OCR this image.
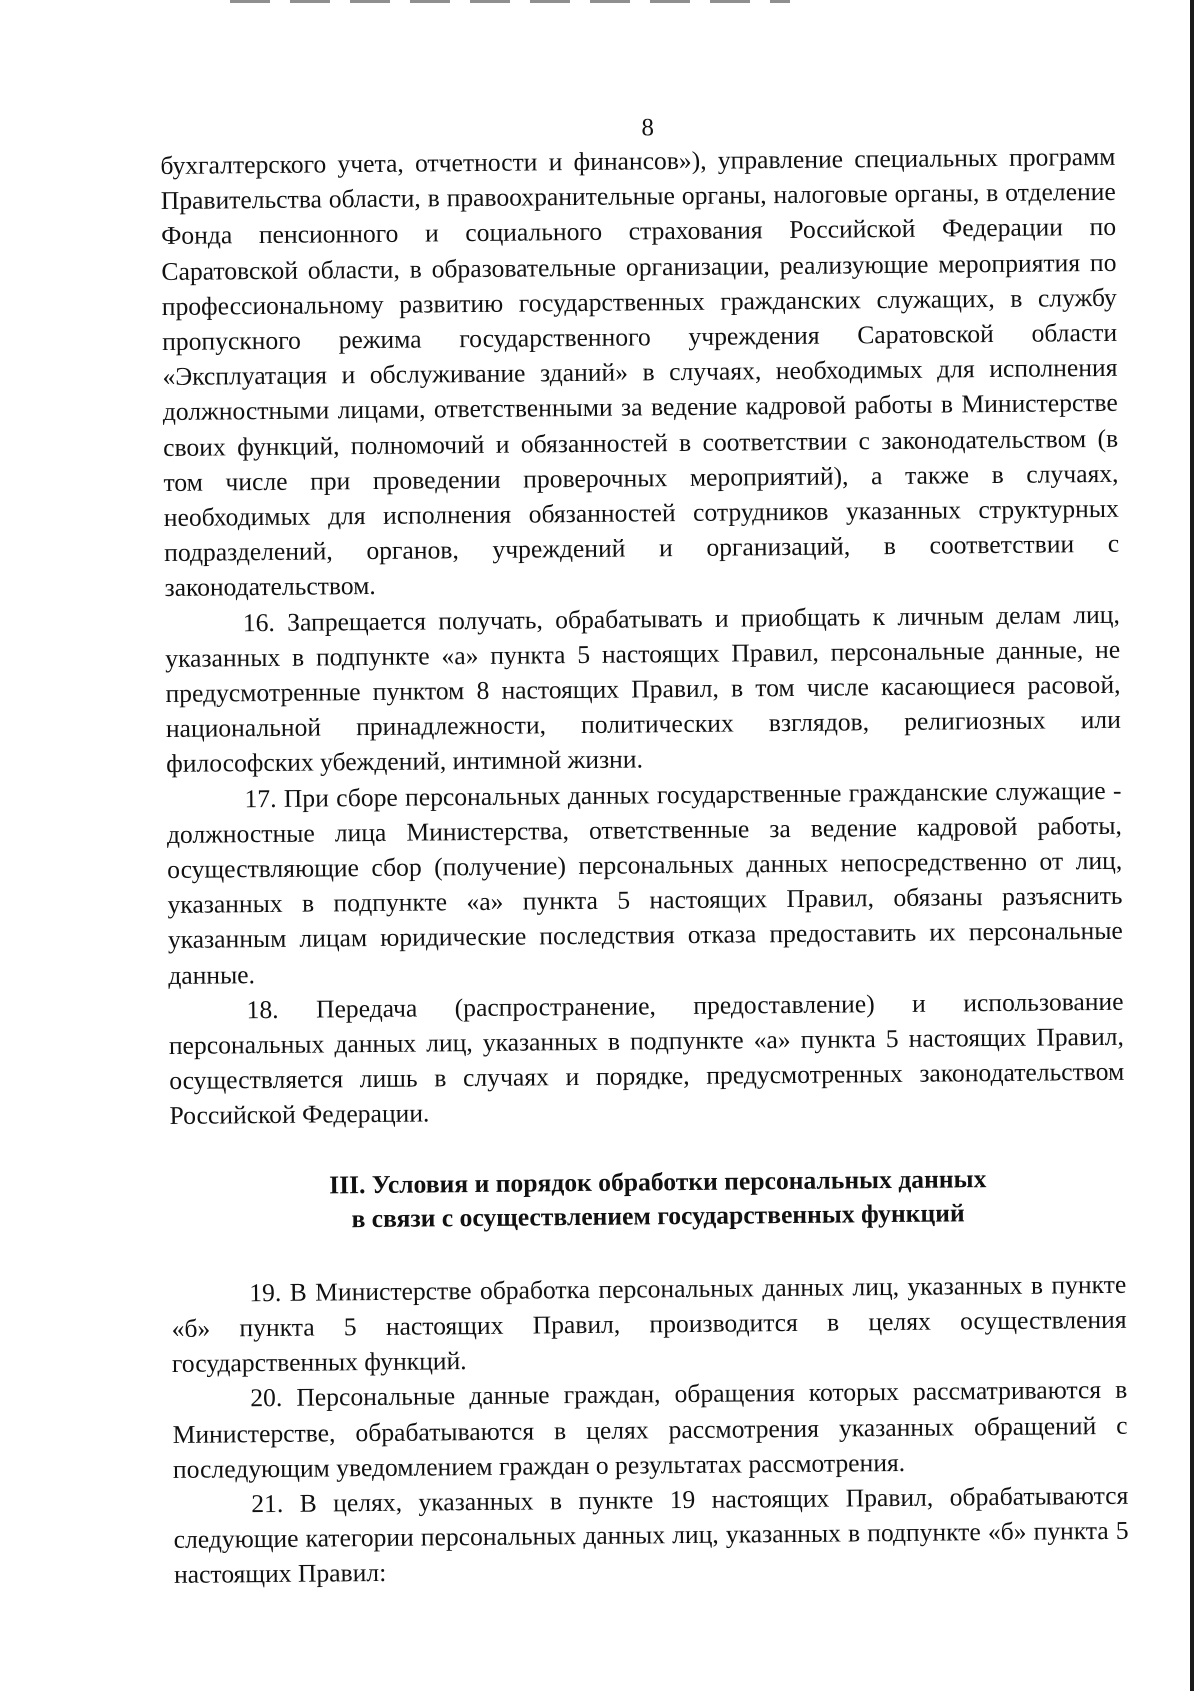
8

бухгалтерского учета, отчетности и финансов»), управление специальных программ Правительства области, в правоохранительные органы, налоговые органы, в отделение Фонда пенсионного и социального страхования Российской Федерации по Саратовской области, в образовательные организации, реализующие мероприятия по профессиональному развитию государственных гражданских служащих, в службу пропускного режима государственного учреждения Саратовской области «Эксплуатация и обслуживание зданий» в случаях, необходимых для исполнения должностными лицами, ответственными за ведение кадровой работы в Министерстве своих функций, полномочий и обязанностей в соответствии с законодательством (в том числе при проведении проверочных мероприятий), а также в случаях, необходимых для исполнения обязанностей сотрудников указанных структурных подразделений, органов, учреждений и организаций, в соответствии с законодательством.

16. Запрещается получать, обрабатывать и приобщать к личным делам лиц, указанных в подпункте «а» пункта 5 настоящих Правил, персональные данные, не предусмотренные пунктом 8 настоящих Правил, в том числе касающиеся расовой, национальной принадлежности, политических взглядов, религиозных или философских убеждений, интимной жизни.

17. При сборе персональных данных государственные гражданские служащие - должностные лица Министерства, ответственные за ведение кадровой работы, осуществляющие сбор (получение) персональных данных непосредственно от лиц, указанных в подпункте «а» пункта 5 настоящих Правил, обязаны разъяснить указанным лицам юридические последствия отказа предоставить их персональные данные.

18. Передача (распространение, предоставление) и использование персональных данных лиц, указанных в подпункте «а» пункта 5 настоящих Правил, осуществляется лишь в случаях и порядке, предусмотренных законодательством Российской Федерации.

III. Условия и порядок обработки персональных данных
в связи с осуществлением государственных функций

19. В Министерстве обработка персональных данных лиц, указанных в пункте «б» пункта 5 настоящих Правил, производится в целях осуществления государственных функций.

20. Персональные данные граждан, обращения которых рассматриваются в Министерстве, обрабатываются в целях рассмотрения указанных обращений с последующим уведомлением граждан о результатах рассмотрения.

21. В целях, указанных в пункте 19 настоящих Правил, обрабатываются следующие категории персональных данных лиц, указанных в подпункте «б» пункта 5 настоящих Правил:
